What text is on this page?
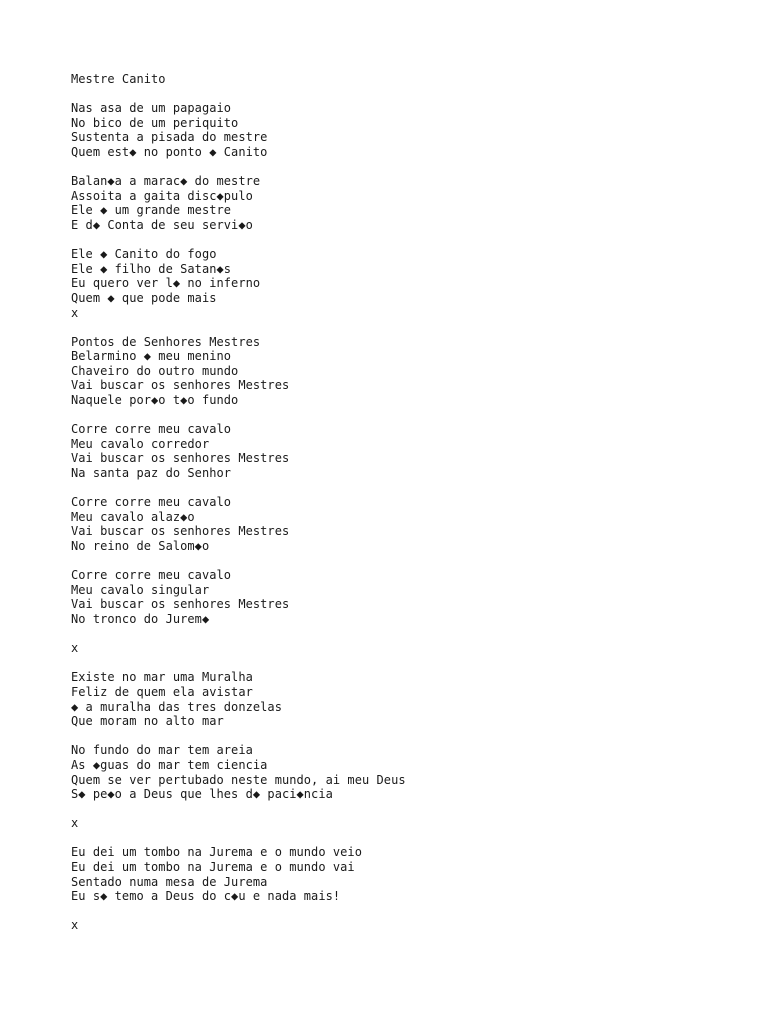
Mestre Canito
Nas asa de um papagaio
No bico de um periquito
Sustenta a pisada do mestre
Quem est◆ no ponto ◆ Canito
Balan◆a a marac◆ do mestre
Assoita a gaita disc◆pulo
Ele ◆ um grande mestre
E d◆ Conta de seu servi◆o
Ele ◆ Canito do fogo
Ele ◆ filho de Satan◆s
Eu quero ver l◆ no inferno
Quem ◆ que pode mais
x
Pontos de Senhores Mestres
Belarmino ◆ meu menino
Chaveiro do outro mundo
Vai buscar os senhores Mestres
Naquele por◆o t◆o fundo
Corre corre meu cavalo
Meu cavalo corredor
Vai buscar os senhores Mestres
Na santa paz do Senhor
Corre corre meu cavalo
Meu cavalo alaz◆o
Vai buscar os senhores Mestres
No reino de Salom◆o
Corre corre meu cavalo
Meu cavalo singular
Vai buscar os senhores Mestres
No tronco do Jurem◆
x
Existe no mar uma Muralha
Feliz de quem ela avistar
◆ a muralha das tres donzelas
Que moram no alto mar
No fundo do mar tem areia
As ◆guas do mar tem ciencia
Quem se ver pertubado neste mundo, ai meu Deus
S◆ pe◆o a Deus que lhes d◆ paci◆ncia
x
Eu dei um tombo na Jurema e o mundo veio
Eu dei um tombo na Jurema e o mundo vai
Sentado numa mesa de Jurema
Eu s◆ temo a Deus do c◆u e nada mais!
x
